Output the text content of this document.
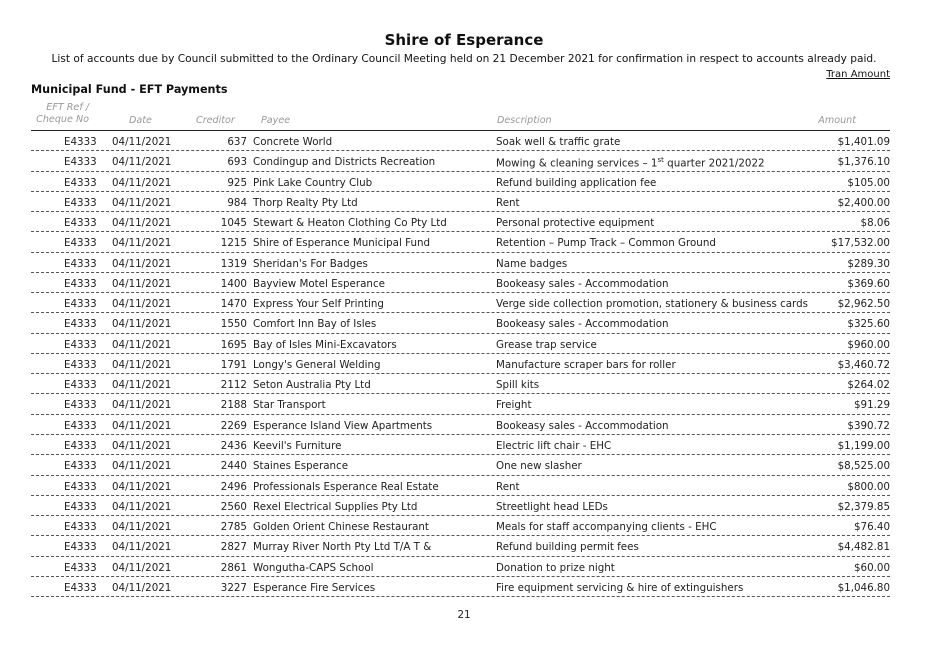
Shire of Esperance
List of accounts due by Council submitted to the Ordinary Council Meeting held on 21 December 2021 for confirmation in respect to accounts already paid.
Tran Amount
Municipal Fund - EFT Payments
EFT Ref /
Cheque No	Date	Creditor	Payee	Description	Amount
E4333 04/11/2021	637 Concrete World	Soak well & traffic grate	$1,401.09
E4333 04/11/2021	693 Condingup and Districts Recreation	Mowing & cleaning services – 1st quarter 2021/2022	$1,376.10
E4333 04/11/2021	925 Pink Lake Country Club	Refund building application fee	$105.00
E4333 04/11/2021	984 Thorp Realty Pty Ltd	Rent	$2,400.00
E4333 04/11/2021	1045 Stewart & Heaton Clothing Co Pty Ltd	Personal protective equipment	$8.06
E4333 04/11/2021	1215 Shire of Esperance Municipal Fund	Retention – Pump Track – Common Ground	$17,532.00
E4333 04/11/2021	1319 Sheridan's For Badges	Name badges	$289.30
E4333 04/11/2021	1400 Bayview Motel Esperance	Bookeasy sales - Accommodation	$369.60
E4333 04/11/2021	1470 Express Your Self Printing	Verge side collection promotion, stationery & business cards	$2,962.50
E4333 04/11/2021	1550 Comfort Inn Bay of Isles	Bookeasy sales - Accommodation	$325.60
E4333 04/11/2021	1695 Bay of Isles Mini-Excavators	Grease trap service	$960.00
E4333 04/11/2021	1791 Longy's General Welding	Manufacture scraper bars for roller	$3,460.72
E4333 04/11/2021	2112 Seton Australia Pty Ltd	Spill kits	$264.02
E4333 04/11/2021	2188 Star Transport	Freight	$91.29
E4333 04/11/2021	2269 Esperance Island View Apartments	Bookeasy sales - Accommodation	$390.72
E4333 04/11/2021	2436 Keevil's Furniture	Electric lift chair - EHC	$1,199.00
E4333 04/11/2021	2440 Staines Esperance	One new slasher	$8,525.00
E4333 04/11/2021	2496 Professionals Esperance Real Estate	Rent	$800.00
E4333 04/11/2021	2560 Rexel Electrical Supplies Pty Ltd	Streetlight head LEDs	$2,379.85
E4333 04/11/2021	2785 Golden Orient Chinese Restaurant	Meals for staff accompanying clients - EHC	$76.40
E4333 04/11/2021	2827 Murray River North Pty Ltd T/A T &	Refund building permit fees	$4,482.81
E4333 04/11/2021	2861 Wongutha-CAPS School	Donation to prize night	$60.00
E4333 04/11/2021	3227 Esperance Fire Services	Fire equipment servicing & hire of extinguishers	$1,046.80
21
